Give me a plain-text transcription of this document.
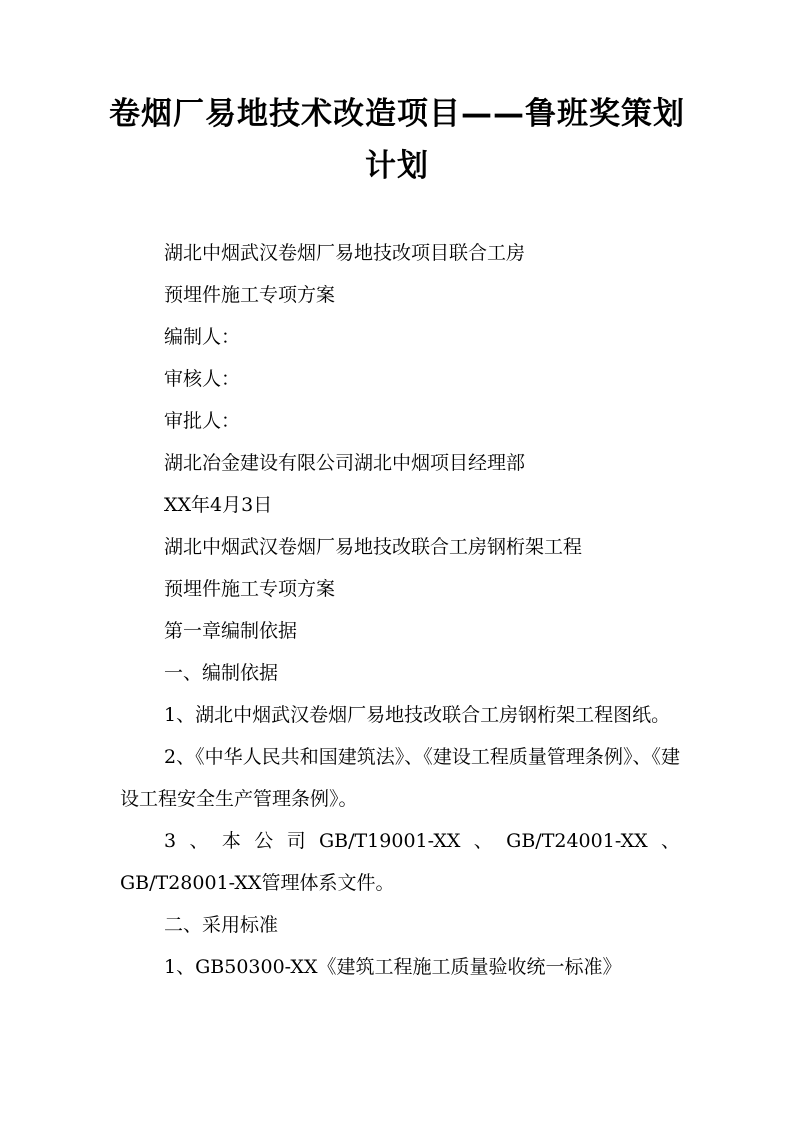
卷烟厂易地技术改造项目——鲁班奖策划计划

湖北中烟武汉卷烟厂易地技改项目联合工房

预埋件施工专项方案

编制人：

审核人：

审批人：

湖北冶金建设有限公司湖北中烟项目经理部

XX年4月3日

湖北中烟武汉卷烟厂易地技改联合工房钢桁架工程

预埋件施工专项方案

第一章编制依据

一、编制依据

1、湖北中烟武汉卷烟厂易地技改联合工房钢桁架工程图纸。

2、《中华人民共和国建筑法》、《建设工程质量管理条例》、《建设工程安全生产管理条例》。

3、本公司GB/T19001-XX、GB/T24001-XX、GB/T28001-XX管理体系文件。

二、采用标准

1、GB50300-XX《建筑工程施工质量验收统一标准》
